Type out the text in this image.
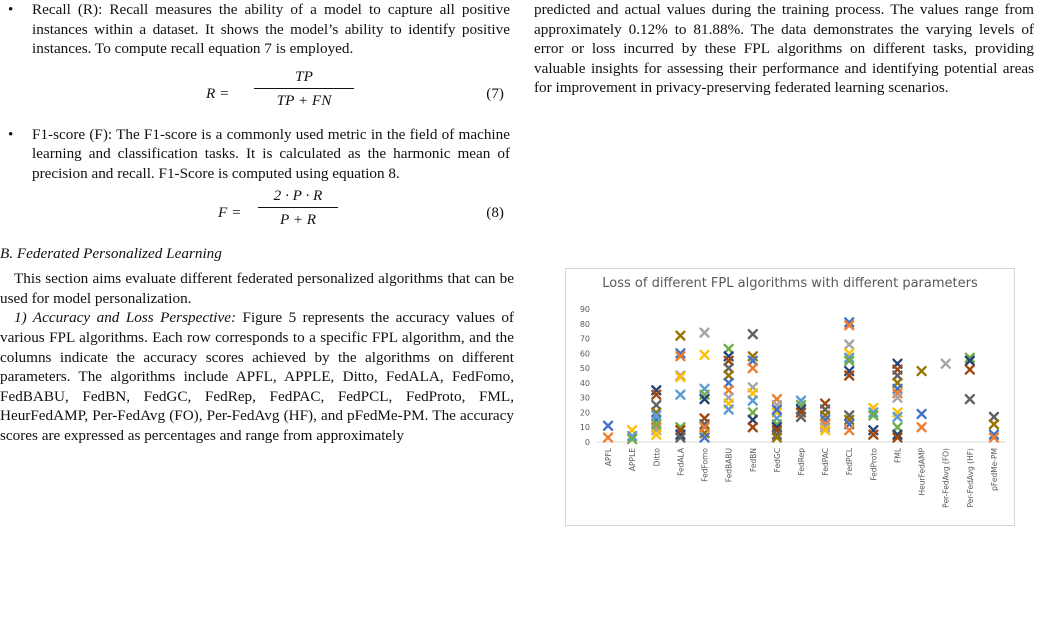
• Recall (R): Recall measures the ability of a model to capture all positive instances within a dataset. It shows the model’s ability to identify positive instances. To compute recall equation 7 is employed.
$R = \frac{TP}{TP + FN}$	(7)
• F1-score (F): The F1-score is a commonly used metric in the field of machine learning and classification tasks. It is calculated as the harmonic mean of precision and recall. F1-Score is computed using equation 8.
$F = \frac{2 \cdot P \cdot R}{P + R}$	(8)
B. Federated Personalized Learning

This section aims evaluate different federated personalized algorithms that can be used for model personalization.

1) Accuracy and Loss Perspective: Figure 5 represents the accuracy values of various FPL algorithms. Each row corresponds to a specific FPL algorithm, and the columns indicate the accuracy scores achieved by the algorithms on different parameters. The algorithms include APFL, APPLE, Ditto, FedALA, FedFomo, FedBABU, FedBN, FedGC, FedRep, FedPAC, FedPCL, FedProto, FML, HeurFedAMP, Per-FedAvg (FO), Per-FedAvg (HF), and pFedMe-PM. The accuracy scores are expressed as percentages and range from approximately

predicted and actual values during the training process. The values range from approximately 0.12% to 81.88%. The data demonstrates the varying levels of error or loss incurred by these FPL algorithms on different tasks, providing valuable insights for assessing their performance and identifying potential areas for improvement in privacy-preserving federated learning scenarios.

Loss of different FPL algorithms with different parameters
0
10
20
30
40
50
60
70
80
90
APFL APPLE Ditto FedALA FedFomo FedBABU FedBN FedGC FedRep FedPAC FedPCL FedProto FML HeurFedAMP Per-FedAvg (FO) Per-FedAvg (HF) pFedMe-PM
